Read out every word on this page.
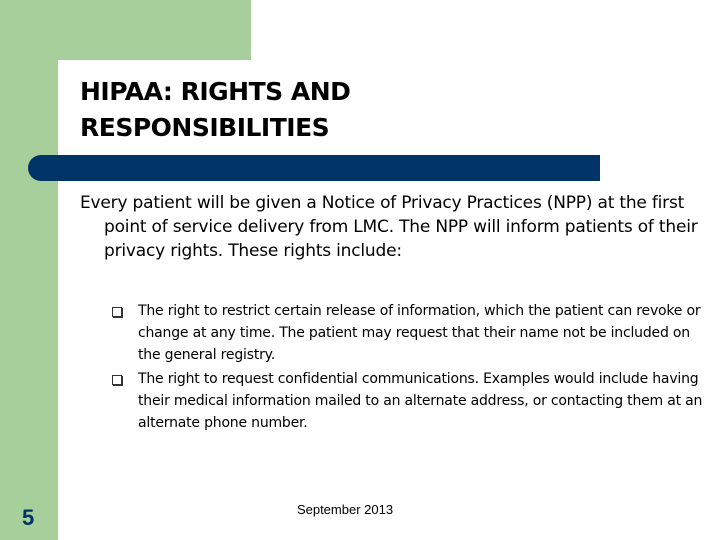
HIPAA: RIGHTS AND
RESPONSIBILITIES

Every patient will be given a Notice of Privacy Practices (NPP) at the first point of service delivery from LMC. The NPP will inform patients of their privacy rights. These rights include:

The right to restrict certain release of information, which the patient can revoke or change at any time. The patient may request that their name not be included on the general registry.
The right to request confidential communications. Examples would include having their medical information mailed to an alternate address, or contacting them at an alternate phone number.

5	September 2013
